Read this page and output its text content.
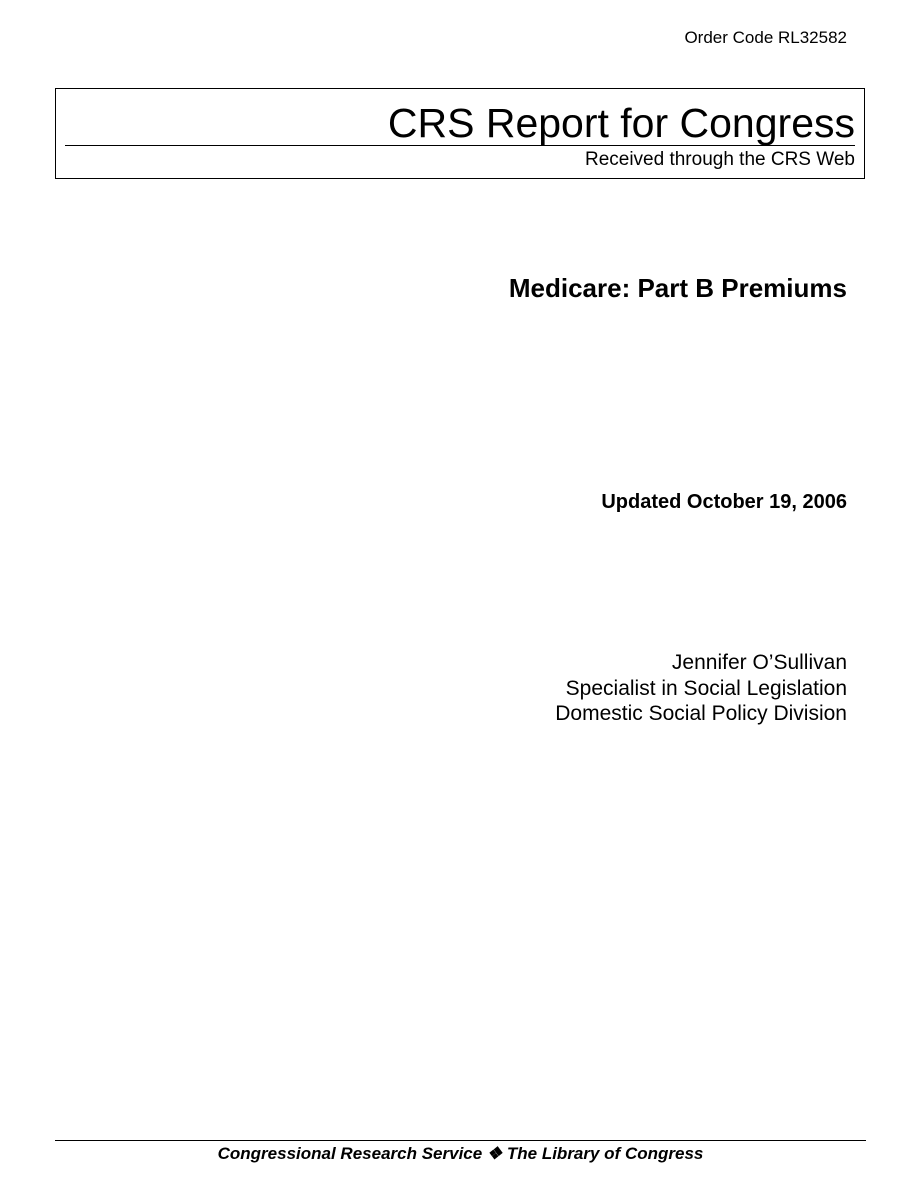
Order Code RL32582
CRS Report for Congress
Received through the CRS Web
Medicare: Part B Premiums
Updated October 19, 2006
Jennifer O’Sullivan
Specialist in Social Legislation
Domestic Social Policy Division
Congressional Research Service ❖ The Library of Congress
